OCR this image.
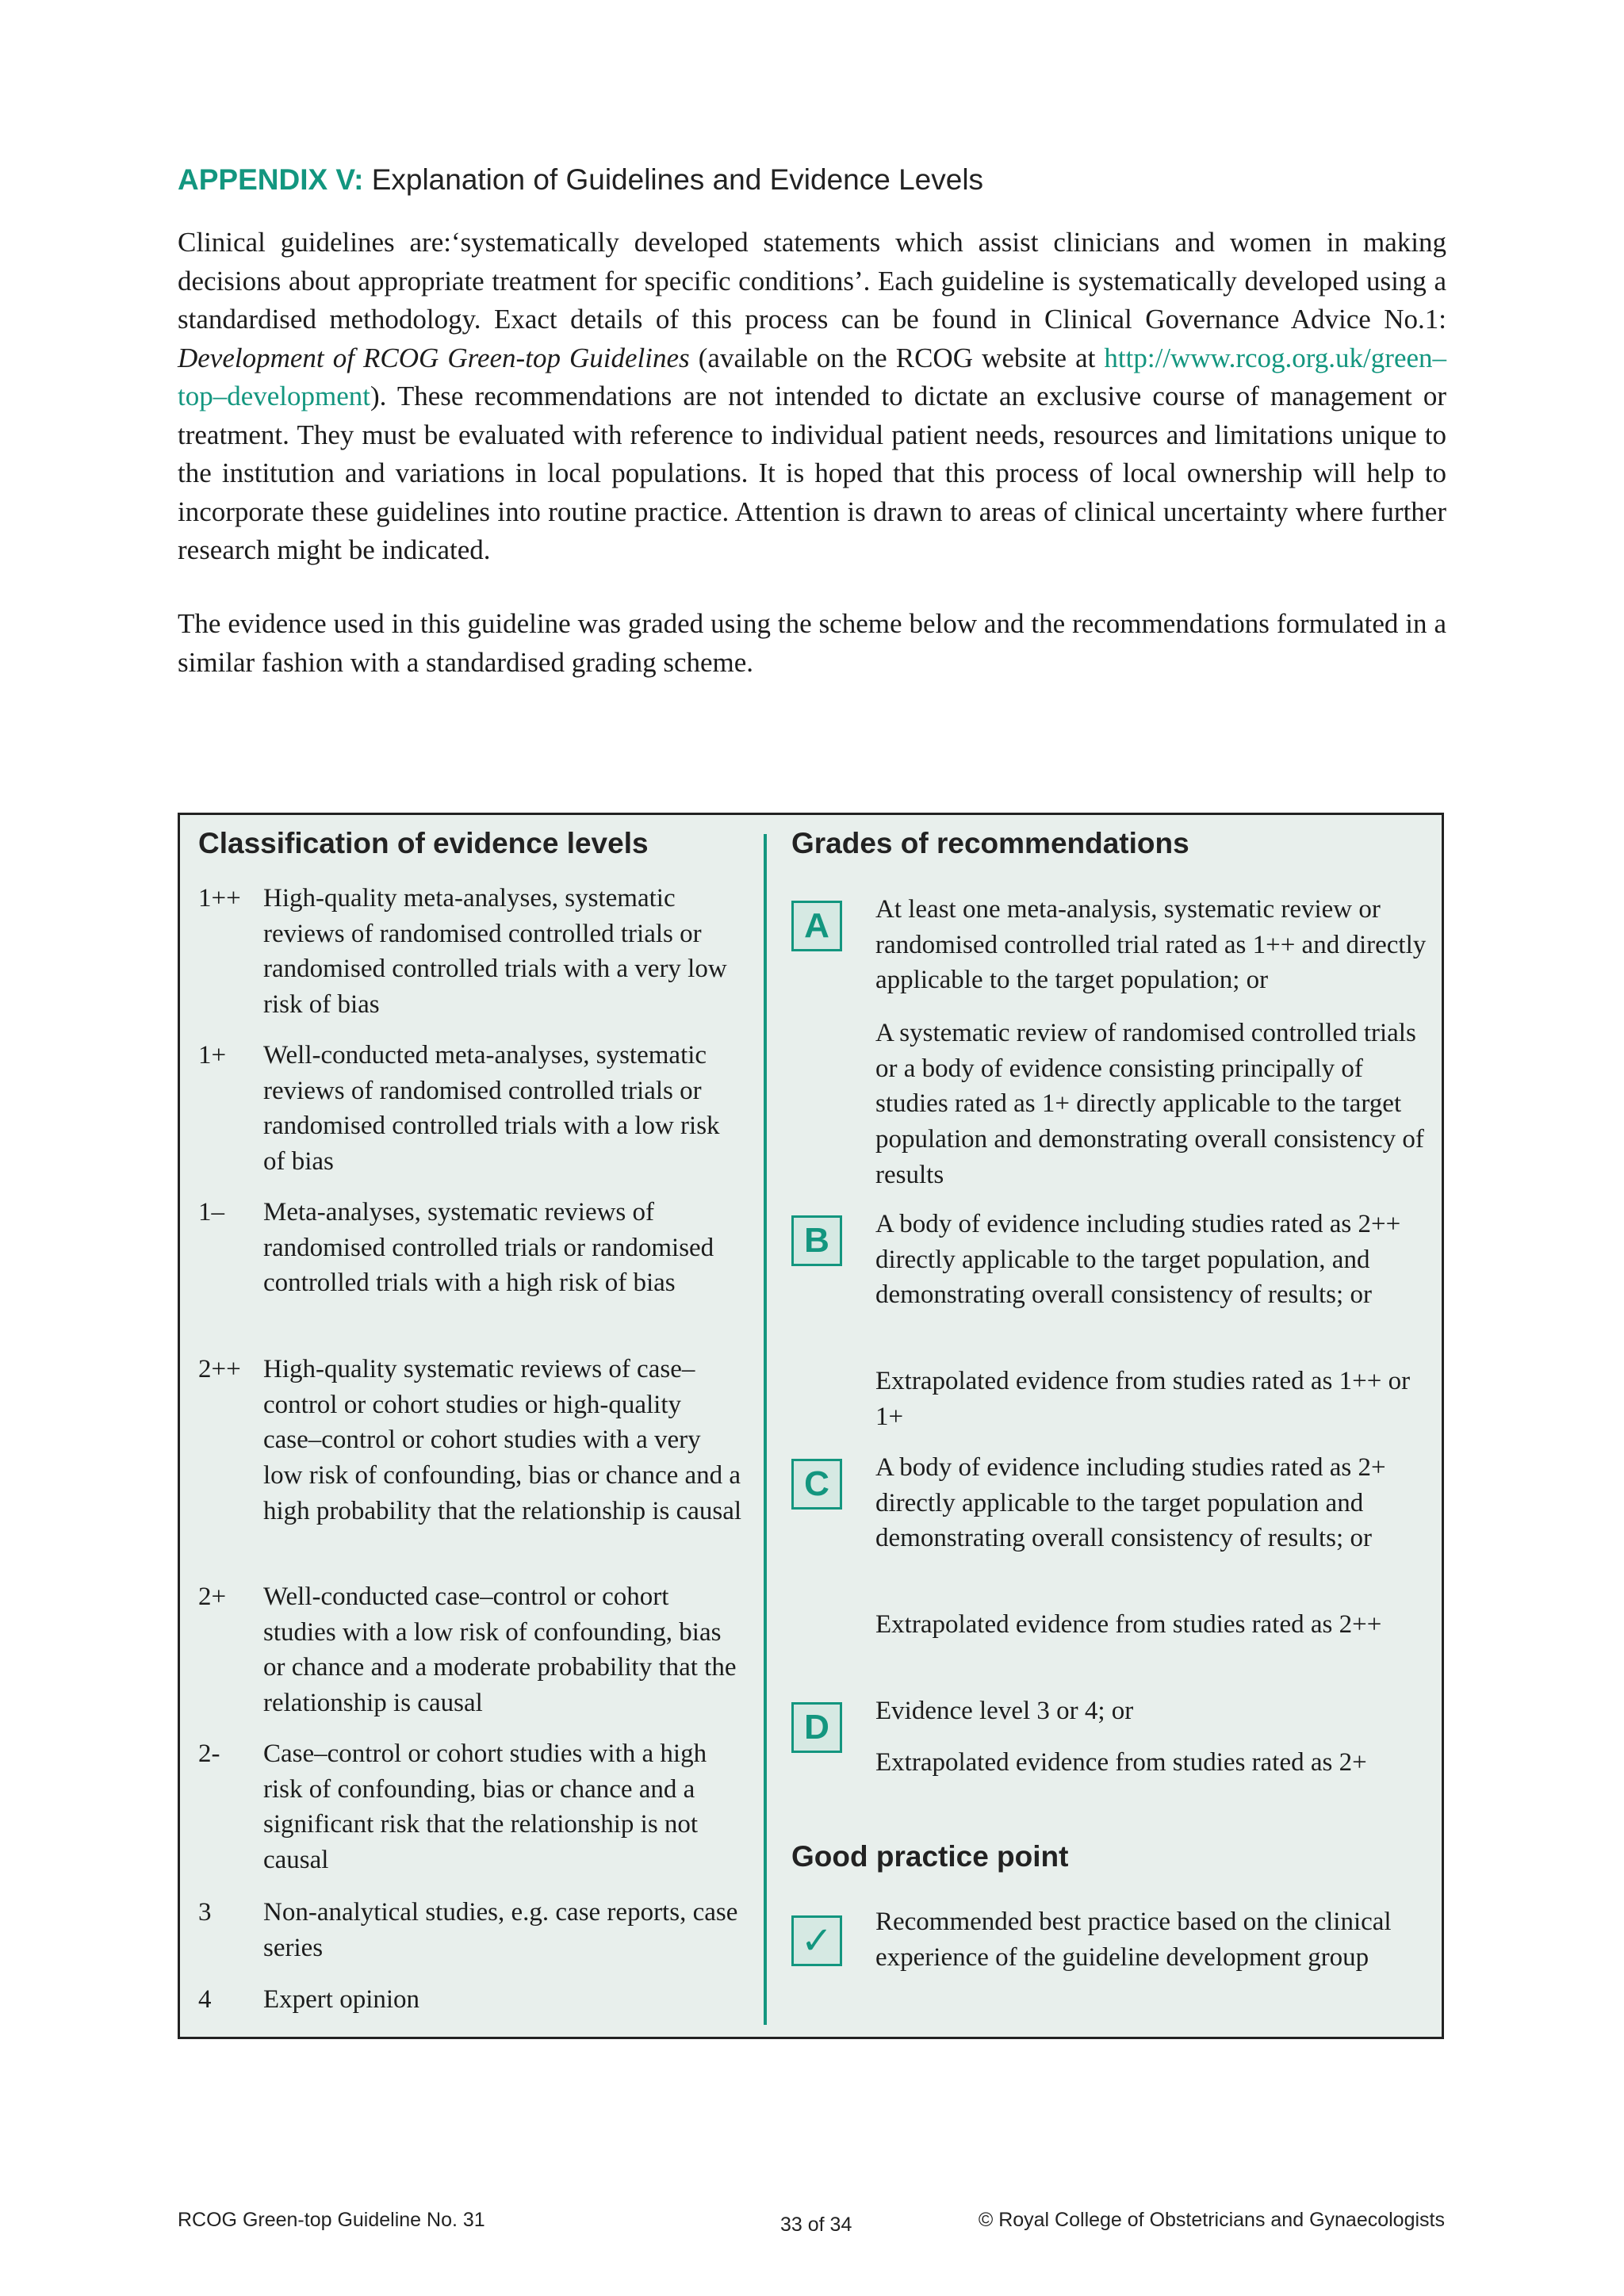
APPENDIX V: Explanation of Guidelines and Evidence Levels
Clinical guidelines are:‘systematically developed statements which assist clinicians and women in making decisions about appropriate treatment for specific conditions’. Each guideline is systematically developed using a standardised methodology. Exact details of this process can be found in Clinical Governance Advice No.1: Development of RCOG Green-top Guidelines (available on the RCOG website at http://www.rcog.org.uk/green–top–development). These recommendations are not intended to dictate an exclusive course of management or treatment. They must be evaluated with reference to individual patient needs, resources and limitations unique to the institution and variations in local populations. It is hoped that this process of local ownership will help to incorporate these guidelines into routine practice. Attention is drawn to areas of clinical uncertainty where further research might be indicated.
The evidence used in this guideline was graded using the scheme below and the recommendations formulated in a similar fashion with a standardised grading scheme.
Classification of evidence levels
1++ High-quality meta-analyses, systematic reviews of randomised controlled trials or randomised controlled trials with a very low risk of bias
1+ Well-conducted meta-analyses, systematic reviews of randomised controlled trials or randomised controlled trials with a low risk of bias
1– Meta-analyses, systematic reviews of randomised controlled trials or randomised controlled trials with a high risk of bias
2++ High-quality systematic reviews of case–control or cohort studies or high-quality case–control or cohort studies with a very low risk of confounding, bias or chance and a high probability that the relationship is causal
2+ Well-conducted case–control or cohort studies with a low risk of confounding, bias or chance and a moderate probability that the relationship is causal
2- Case–control or cohort studies with a high risk of confounding, bias or chance and a significant risk that the relationship is not causal
3 Non-analytical studies, e.g. case reports, case series
4 Expert opinion
Grades of recommendations
A	At least one meta-analysis, systematic review or randomised controlled trial rated as 1++ and directly applicable to the target population; or
A systematic review of randomised controlled trials or a body of evidence consisting principally of studies rated as 1+ directly applicable to the target population and demonstrating overall consistency of results
B	A body of evidence including studies rated as 2++ directly applicable to the target population, and demonstrating overall consistency of results; or
Extrapolated evidence from studies rated as 1++ or 1+
C	A body of evidence including studies rated as 2+ directly applicable to the target population and demonstrating overall consistency of results; or
Extrapolated evidence from studies rated as 2++
D	Evidence level 3 or 4; or
Extrapolated evidence from studies rated as 2+
Good practice point
✓	Recommended best practice based on the clinical experience of the guideline development group
RCOG Green-top Guideline No. 31	33 of 34	© Royal College of Obstetricians and Gynaecologists
